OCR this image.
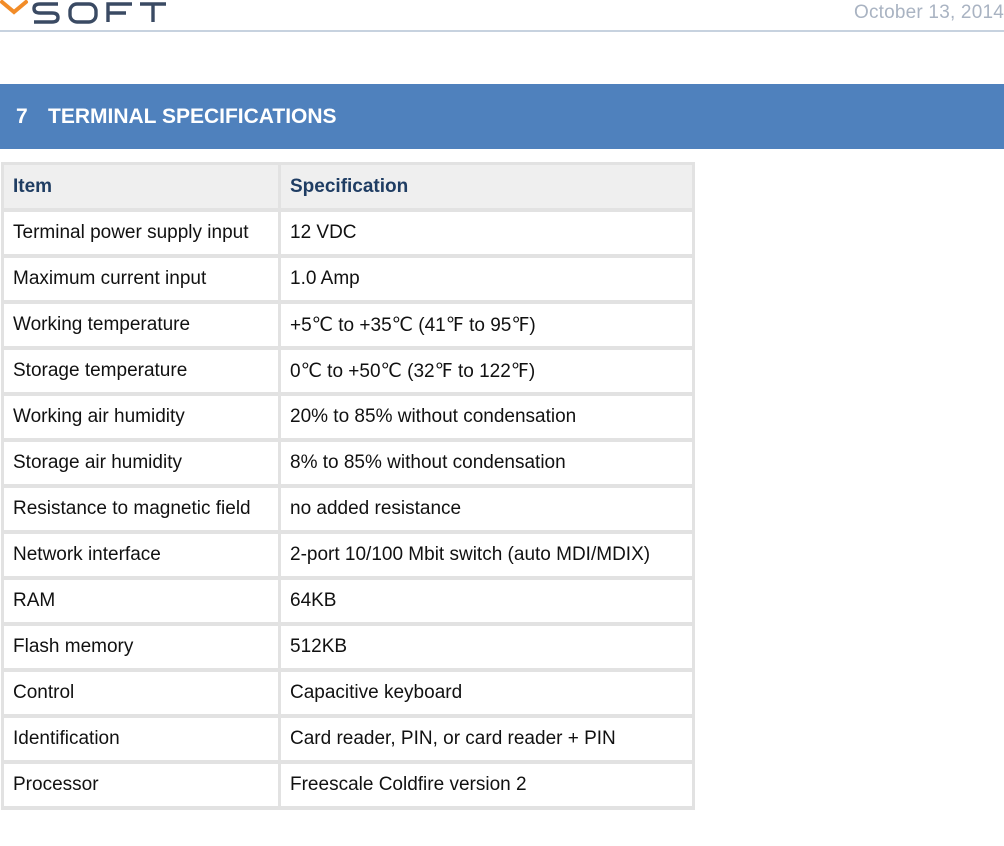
October 13, 2014
7 TERMINAL SPECIFICATIONS
Item	Specification
Terminal power supply input	12 VDC
Maximum current input	1.0 Amp
Working temperature	+5℃ to +35℃ (41℉ to 95℉)
Storage temperature	0℃ to +50℃ (32℉ to 122℉)
Working air humidity	20% to 85% without condensation
Storage air humidity	8% to 85% without condensation
Resistance to magnetic field	no added resistance
Network interface	2-port 10/100 Mbit switch (auto MDI/MDIX)
RAM	64KB
Flash memory	512KB
Control	Capacitive keyboard
Identification	Card reader, PIN, or card reader + PIN
Processor	Freescale Coldfire version 2
